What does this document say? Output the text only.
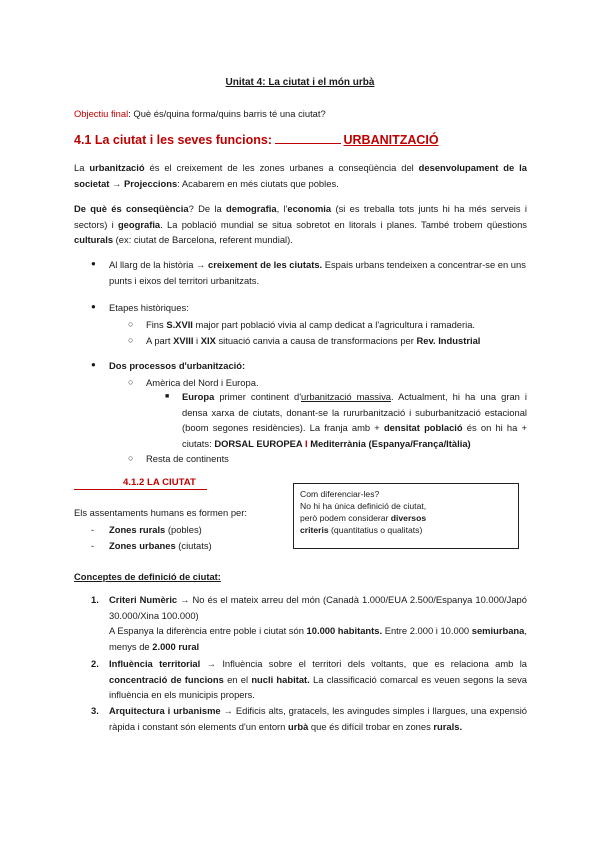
Unitat 4: La ciutat i el món urbà
Objectiu final: Què és/quina forma/quins barris té una ciutat?
4.1 La ciutat i les seves funcions:	URBANITZACIÓ
La urbanització és el creixement de les zones urbanes a conseqüència del desenvolupament de la societat → Projeccions: Acabarem en més ciutats que pobles.
De què és conseqüència? De la demografia, l'economia (si es treballa tots junts hi ha més serveis i sectors) i geografia. La població mundial se situa sobretot en litorals i planes. També trobem qüestions culturals (ex: ciutat de Barcelona, referent mundial).
● Al llarg de la història → creixement de les ciutats. Espais urbans tendeixen a concentrar-se en uns punts i eixos del territori urbanitzats.
● Etapes històriques:
○ Fins S.XVII major part població vivia al camp dedicat a l'agricultura i ramaderia.
○ A part XVIII i XIX situació canvia a causa de transformacions per Rev. Industrial
● Dos processos d'urbanització:
○ Amèrica del Nord i Europa.
■ Europa primer continent d'urbanització massiva. Actualment, hi ha una gran i densa xarxa de ciutats, donant-se la rururbanització i suburbanització estacional (boom segones residències). La franja amb + densitat població és on hi ha + ciutats: DORSAL EUROPEA I Mediterrània (Espanya/França/Itàlia)
○ Resta de continents
4.1.2 LA CIUTAT
Els assentaments humans es formen per:
- Zones rurals (pobles)
- Zones urbanes (ciutats)
Com diferenciar-les?
No hi ha única definició de ciutat,
però podem considerar diversos
criteris (quantitatius o qualitats)
Conceptes de definició de ciutat:
1. Criteri Numèric → No és el mateix arreu del món (Canadà 1.000/EUA 2.500/Espanya 10.000/Japó 30.000/Xina 100.000)
A Espanya la diferència entre poble i ciutat són 10.000 habitants. Entre 2.000 i 10.000 semiurbana, menys de 2.000 rural
2. Influència territorial → Influència sobre el territori dels voltants, que es relaciona amb la concentració de funcions en el nucli habitat. La classificació comarcal es veuen segons la seva influència en els municipis propers.
3. Arquitectura i urbanisme → Edificis alts, gratacels, les avingudes simples i llargues, una expensió ràpida i constant són elements d'un entorn urbà que és difícil trobar en zones rurals.
